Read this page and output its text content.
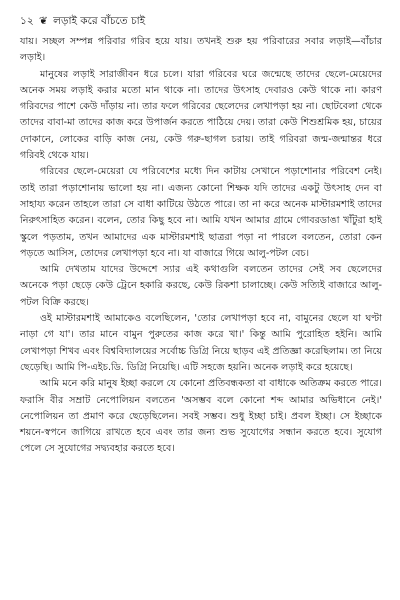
১২ ❦ লড়াই করে বাঁচতে চাই

যায়। সচ্ছল সম্পন্ন পরিবার গরিব হয়ে যায়। তখনই শুরু হয় পরিবারের সবার লড়াই—বাঁচার লড়াই।

মানুষের লড়াই সারাজীবন ধরে চলে। যারা গরিবের ঘরে জন্মেছে তাদের ছেলে-মেয়েদের অনেক সময় লড়াই করার মতো মান থাকে না। তাদের উৎসাহ দেবারও কেউ থাকে না। কারণ গরিবদের পাশে কেউ দাঁড়ায় না। তার ফলে গরিবের ছেলেদের লেখাপড়া হয় না। ছোটবেলা থেকে তাদের বাবা-মা তাদের কাজ করে উপার্জন করতে পাঠিয়ে দেয়। তারা কেউ শিশুশ্রমিক হয়, চায়ের দোকানে, লোকের বাড়ি কাজ নেয়, কেউ গরু-ছাগল চরায়। তাই গরিবরা জন্ম-জন্মান্তর ধরে গরিবই থেকে যায়।

গরিবের ছেলে-মেয়েরা যে পরিবেশের মধ্যে দিন কাটায় সেখানে পড়াশোনার পরিবেশ নেই। তাই তারা পড়াশোনায় ভালো হয় না। এজন্য কোনো শিক্ষক যদি তাদের একটু উৎসাহ দেন বা সাহায্য করেন তাহলে তারা সে বাধা কাটিয়ে উঠতে পারে। তা না করে অনেক মাস্টারমশাই তাদের নিরুৎসাহিত করেন। বলেন, তোর কিছু হবে না। আমি যখন আমার গ্রামে গোবরডাঙা খাঁটুরা হাই স্কুলে পড়তাম, তখন আমাদের এক মাস্টারমশাই ছাত্ররা পড়া না পারলে বলতেন, তোরা কেন পড়তে আসিস, তোদের লেখাপড়া হবে না। যা বাজারে গিয়ে আলু-পটল বেচ।

আমি দেখতাম যাদের উদ্দেশে স্যার এই কথাগুলি বলতেন তাদের সেই সব ছেলেদের অনেকে পড়া ছেড়ে কেউ ট্রেনে হকারি করছে, কেউ রিকশা চালাচ্ছে। কেউ সত্যিই বাজারে আলু-পটল বিক্রি করছে।

ওই মাস্টারমশাই আমাকেও বলেছিলেন, 'তোর লেখাপড়া হবে না, বামুনের ছেলে যা ঘণ্টা নাড়া গে যা'। তার মানে বামুন পুরুতের কাজ করে খা।' কিন্তু আমি পুরোহিত হইনি। আমি লেখাপড়া শিখব এবং বিশ্ববিদ্যালয়ের সর্বোচ্চ ডিগ্রি নিয়ে ছাড়ব এই প্রতিজ্ঞা করেছিলাম। তা নিয়ে ছেড়েছি। আমি পি-এইচ.ডি. ডিগ্রি নিয়েছি। এটি সহজে হয়নি। অনেক লড়াই করে হয়েছে।

আমি মনে করি মানুষ ইচ্ছা করলে যে কোনো প্রতিবন্ধকতা বা বাধাকে অতিক্রম করতে পারে। ফরাসি বীর সম্রাট নেপোলিয়ন বলতেন 'অসম্ভব বলে কোনো শব্দ আমার অভিধানে নেই।' নেপোলিয়ন তা প্রমাণ করে ছেড়েছিলেন। সবই সম্ভব। শুধু ইচ্ছা চাই। প্রবল ইচ্ছা। সে ইচ্ছাকে শয়নে-স্বপনে জাগিয়ে রাখতে হবে এবং তার জন্য শুভ সুযোগের সন্ধান করতে হবে। সুযোগ পেলে সে সুযোগের সদ্ব্যবহার করতে হবে।
